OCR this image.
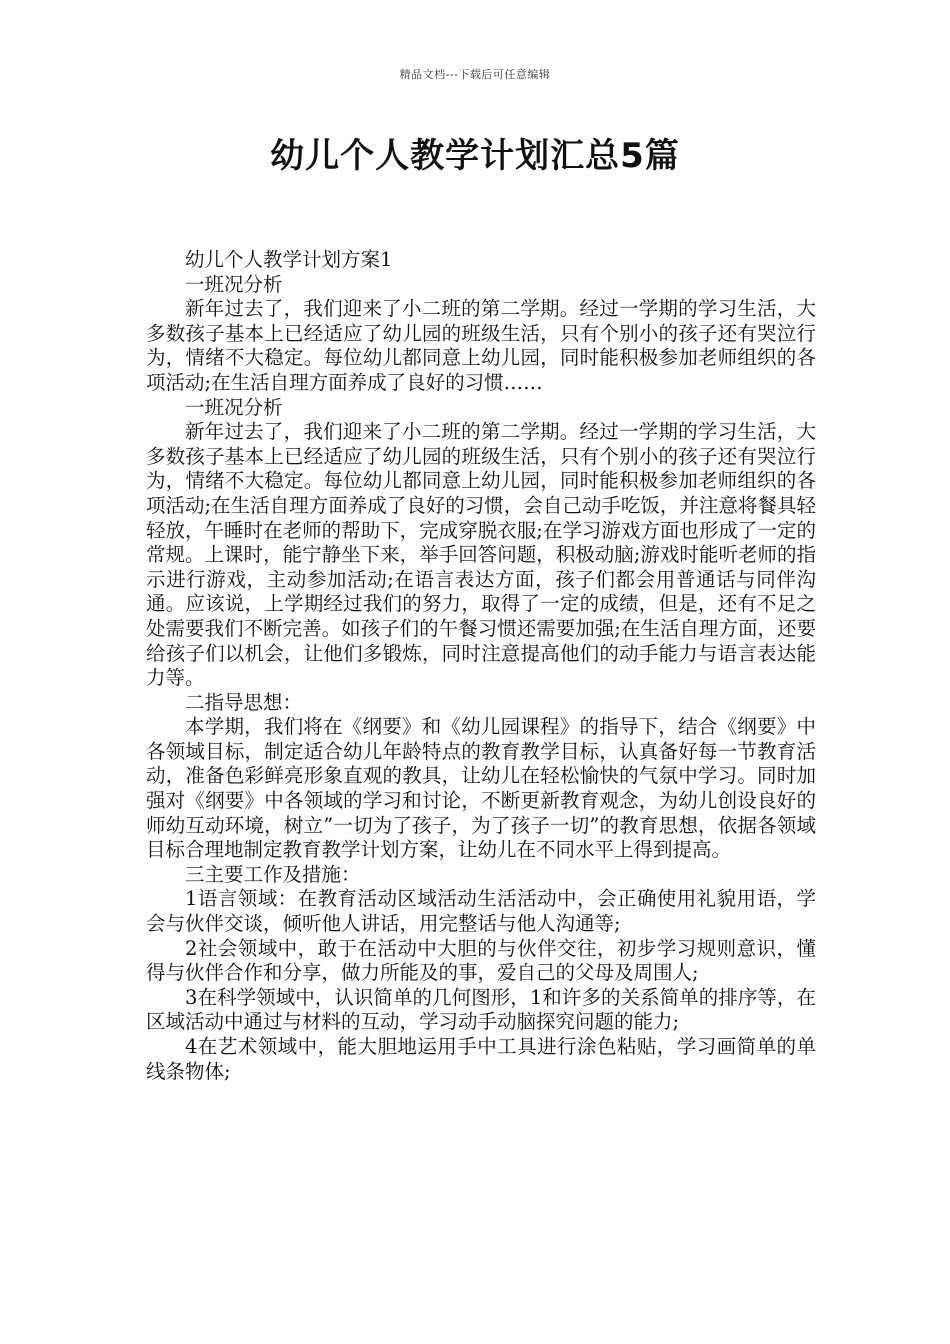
精品文档---下载后可任意编辑
幼儿个人教学计划汇总5篇

幼儿个人教学计划方案1

一班况分析

新年过去了，我们迎来了小二班的第二学期。经过一学期的学习生活，大多数孩子基本上已经适应了幼儿园的班级生活，只有个别小的孩子还有哭泣行为，情绪不大稳定。每位幼儿都同意上幼儿园，同时能积极参加老师组织的各项活动;在生活自理方面养成了良好的习惯……

一班况分析

新年过去了，我们迎来了小二班的第二学期。经过一学期的学习生活，大多数孩子基本上已经适应了幼儿园的班级生活，只有个别小的孩子还有哭泣行为，情绪不大稳定。每位幼儿都同意上幼儿园，同时能积极参加老师组织的各项活动;在生活自理方面养成了良好的习惯，会自己动手吃饭，并注意将餐具轻轻放，午睡时在老师的帮助下，完成穿脱衣服;在学习游戏方面也形成了一定的常规。上课时，能宁静坐下来，举手回答问题，积极动脑;游戏时能听老师的指示进行游戏，主动参加活动;在语言表达方面，孩子们都会用普通话与同伴沟通。应该说，上学期经过我们的努力，取得了一定的成绩，但是，还有不足之处需要我们不断完善。如孩子们的午餐习惯还需要加强;在生活自理方面，还要给孩子们以机会，让他们多锻炼，同时注意提高他们的动手能力与语言表达能力等。

二指导思想：

本学期，我们将在《纲要》和《幼儿园课程》的指导下，结合《纲要》中各领域目标，制定适合幼儿年龄特点的教育教学目标，认真备好每一节教育活动，准备色彩鲜亮形象直观的教具，让幼儿在轻松愉快的气氛中学习。同时加强对《纲要》中各领域的学习和讨论，不断更新教育观念，为幼儿创设良好的师幼互动环境，树立”一切为了孩子，为了孩子一切”的教育思想，依据各领域目标合理地制定教育教学计划方案，让幼儿在不同水平上得到提高。

三主要工作及措施：

1语言领域：在教育活动区域活动生活活动中，会正确使用礼貌用语，学会与伙伴交谈，倾听他人讲话，用完整话与他人沟通等;

2社会领域中，敢于在活动中大胆的与伙伴交往，初步学习规则意识，懂得与伙伴合作和分享，做力所能及的事，爱自己的父母及周围人;

3在科学领域中，认识简单的几何图形，1和许多的关系简单的排序等，在区域活动中通过与材料的互动，学习动手动脑探究问题的能力;

4在艺术领域中，能大胆地运用手中工具进行涂色粘贴，学习画简单的单线条物体;
